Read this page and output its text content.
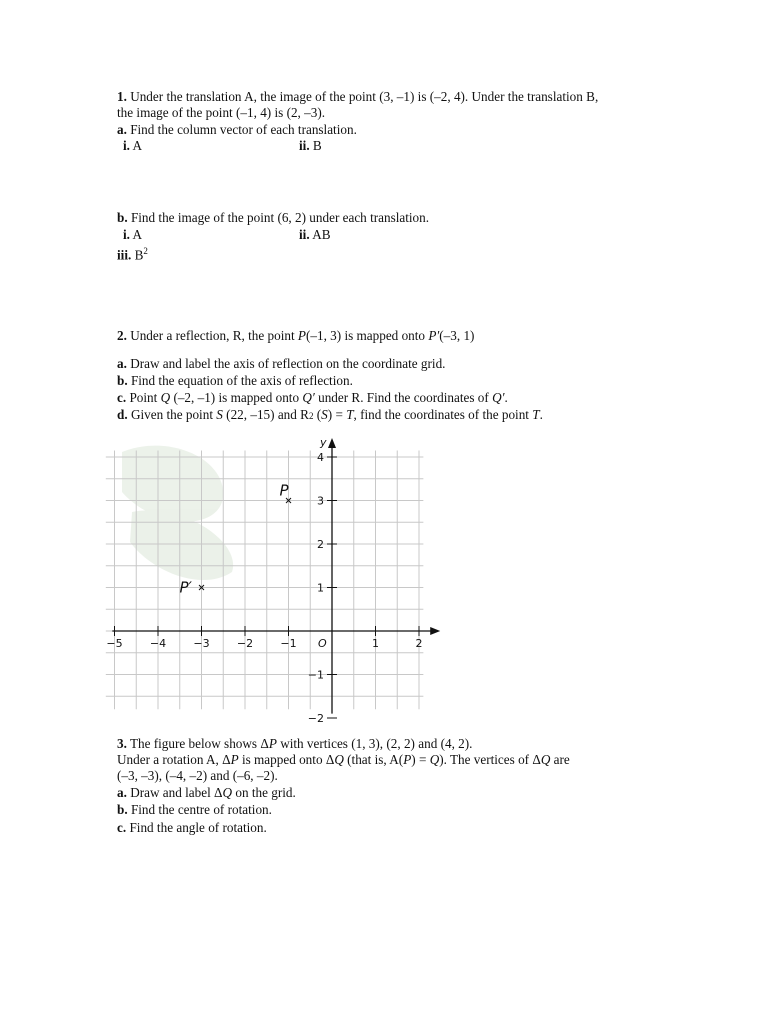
1. Under the translation A, the image of the point (3, –1) is (–2, 4). Under the translation B,
the image of the point (–1, 4) is (2, –3).
a. Find the column vector of each translation.
i. A	ii. B
b. Find the image of the point (6, 2) under each translation.
i. A	ii. AB
iii. $B^2$
2. Under a reflection, R, the point P(–1, 3) is mapped onto P′(–3, 1)
a. Draw and label the axis of reflection on the coordinate grid.
b. Find the equation of the axis of reflection.
c. Point Q (–2, –1) is mapped onto Q′ under R. Find the coordinates of Q′.
d. Given the point S (22, –15) and R2 (S) = T, find the coordinates of the point T.
−5 −4 −3 −2 −1	1	2
4
3
2
1
−1
−2
y
O
P
P′
3. The figure below shows ΔP with vertices (1, 3), (2, 2) and (4, 2).
Under a rotation A, ΔP is mapped onto ΔQ (that is, A(P) = Q). The vertices of ΔQ are
(–3, –3), (–4, –2) and (–6, –2).
a. Draw and label ΔQ on the grid.
b. Find the centre of rotation.
c. Find the angle of rotation.
